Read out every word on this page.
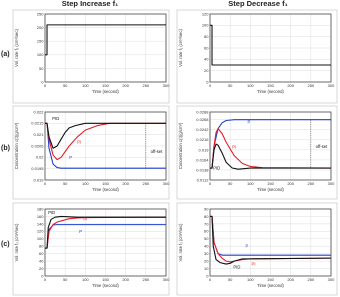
Step Increase f₁	Step Decrease f₁
(a)
(b)
(c)
0	50	100	150	200	250	300
0
50
100
150
200
250
Time (second)
Vol. rate f₁ (cm³/sec)
0	50	100	150	200	250	300
0
20
40
60
80
100
120
Time (second)
Vol. rate f₁ (cm³/sec)
0	50	100	150	200	250	300
0.019
0.0195
0.02
0.0205
0.021
0.0215
0.022
Time (second)
Concentration c(t)(g/cm³)
PID
PI
P
off-set
0	50	100	150	200	250	300
0.0112
0.0138
0.0164
0.019
0.0216
0.0242
0.0268
0.0288
Time (second)
Concentration c(t)(g/cm³)	PID
PI
P
off-set
0	50	100	150	200	250	300
0
20
40
60
80
100
120
140
160
180
Time (second)
Vol. rate f₂ (cm³/sec)
PID
PI
P
0	50	100	150	200	250	300
0
10
20
30
40
50
60
70
80
90
Time (second)
Vol. rate f₂ (cm³/sec)	P
PI
PID
